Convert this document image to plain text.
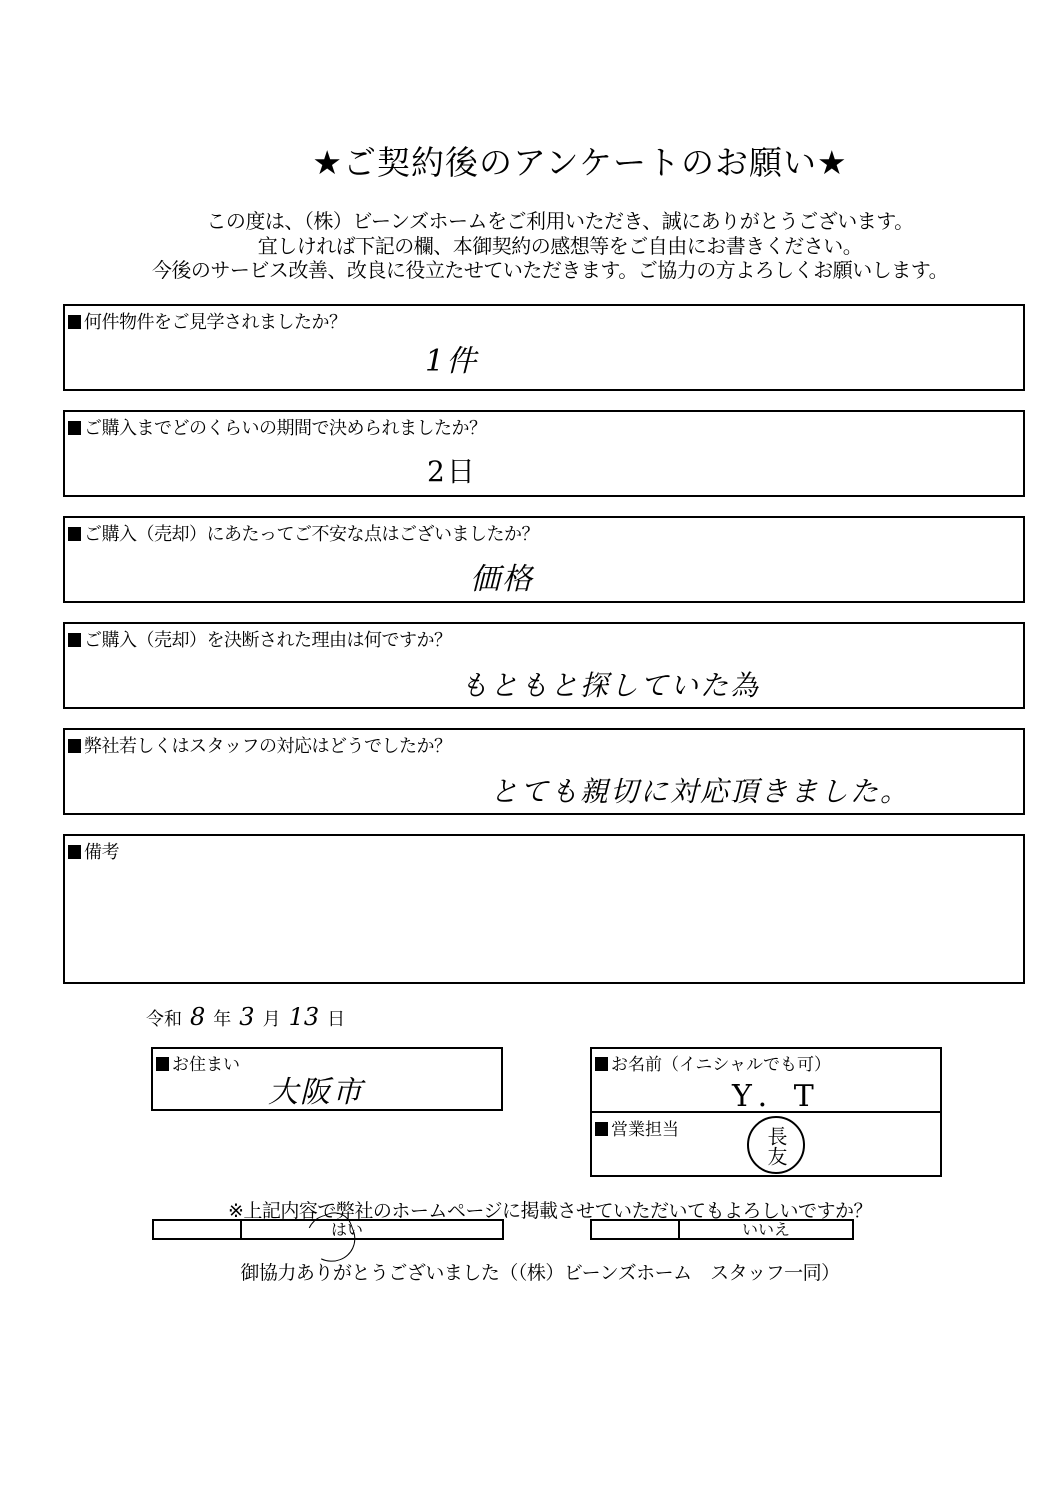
★ご契約後のアンケートのお願い★
この度は、（株）ビーンズホームをご利用いただき、誠にありがとうございます。
宜しければ下記の欄、本御契約の感想等をご自由にお書きください。
今後のサービス改善、改良に役立たせていただきます。ご協力の方よろしくお願いします。
何件物件をご見学されましたか？
1件
ご購入までどのくらいの期間で決められましたか？
2日
ご購入（売却）にあたってご不安な点はございましたか？
価格
ご購入（売却）を決断された理由は何ですか？
もともと探していた為
弊社若しくはスタッフの対応はどうでしたか？
とても親切に対応頂きました。
備考
令和 8 年 3 月 13 日
お住まい
大阪市
お名前（イニシャルでも可）
Y．T
営業担当	長友
※上記内容で弊社のホームページに掲載させていただいてもよろしいですか？
はい	いいえ
御協力ありがとうございました（（株）ビーンズホーム　スタッフ一同）
